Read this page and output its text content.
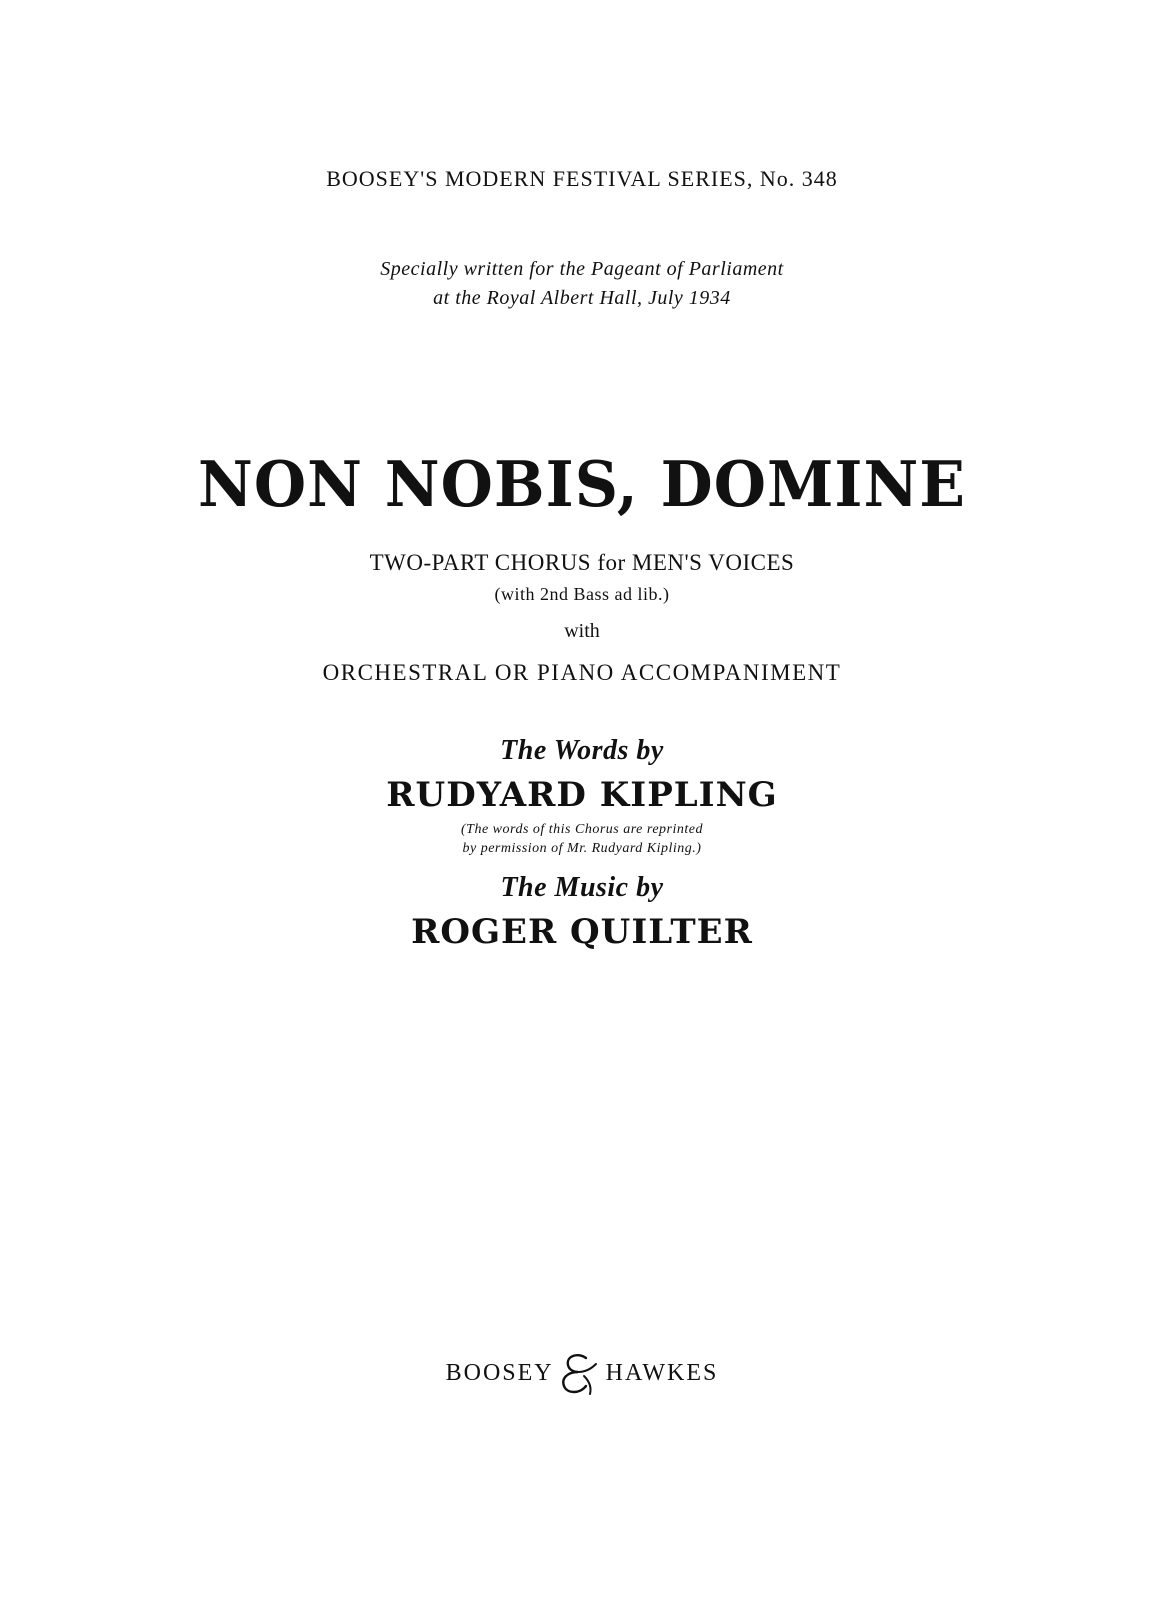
BOOSEY'S MODERN FESTIVAL SERIES, No. 348
Specially written for the Pageant of Parliament
at the Royal Albert Hall, July 1934
NON NOBIS, DOMINE
TWO-PART CHORUS for MEN'S VOICES
(with 2nd Bass ad lib.)
with
ORCHESTRAL OR PIANO ACCOMPANIMENT
The Words by
RUDYARD KIPLING
(The words of this Chorus are reprinted
by permission of Mr. Rudyard Kipling.)
The Music by
ROGER QUILTER
BOOSEY HAWKES
